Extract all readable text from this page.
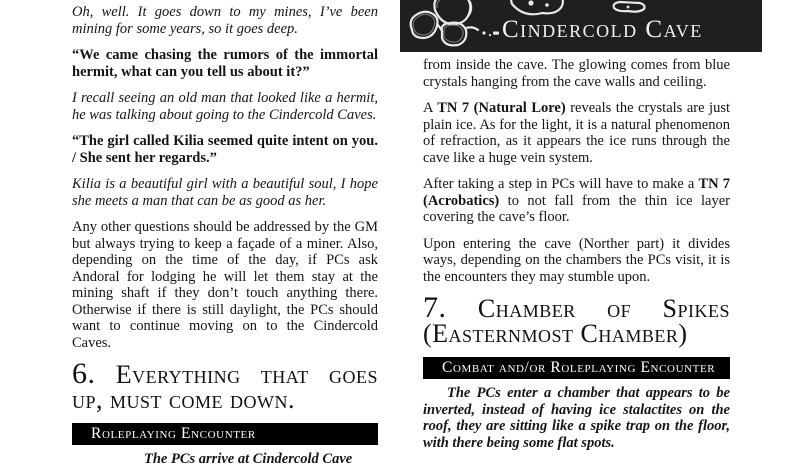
Cindercold Cave

Oh, well. It goes down to my mines, I’ve been mining for some years, so it goes deep.

“We came chasing the rumors of the immortal hermit, what can you tell us about it?”

I recall seeing an old man that looked like a hermit, he was talking about going to the Cindercold Caves.

“The girl called Kilia seemed quite intent on you. / She sent her regards.”

Kilia is a beautiful girl with a beautiful soul, I hope she meets a man that can be as good as her.

Any other questions should be addressed by the GM but always trying to keep a façade of a miner. Also, depending on the time of the day, if PCs ask Andoral for lodging he will let them stay at the mining shaft if they don’t touch anything there. Otherwise if there is still daylight, the PCs should want to continue moving on to the Cindercold Caves.

6. Everything that goes
up, must come down.
Roleplaying Encounter

The PCs arrive at Cindercold Cave

from inside the cave. The glowing comes from blue crystals hanging from the cave walls and ceiling.

A TN 7 (Natural Lore) reveals the crystals are just plain ice. As for the light, it is a natural phenomenon of refraction, as it appears the ice runs through the cave like a huge vein system.

After taking a step in PCs will have to make a TN 7 (Acrobatics) to not fall from the thin ice layer covering the cave’s floor.

Upon entering the cave (Norther part) it divides ways, depending on the chambers the PCs visit, it is the encounters they may stumble upon.

7. Chamber of Spikes
(Easternmost Chamber)
Combat and/or Roleplaying Encounter

The PCs enter a chamber that appears to be inverted, instead of having ice stalactites on the roof, they are sitting like a spike trap on the floor, with there being some flat spots.
